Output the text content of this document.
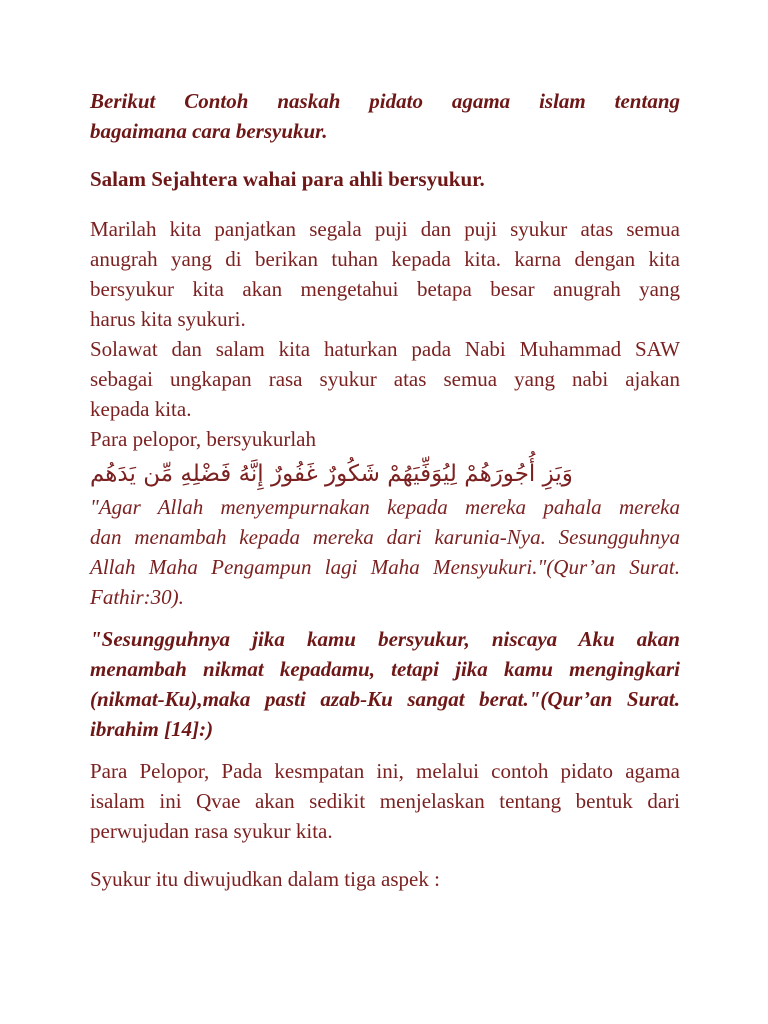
Berikut Contoh naskah pidato agama islam tentang
bagaimana cara bersyukur.

Salam Sejahtera wahai para ahli bersyukur.

Marilah kita panjatkan segala puji dan puji syukur atas semua
anugrah yang di berikan tuhan kepada kita. karna dengan kita
bersyukur kita akan mengetahui betapa besar anugrah yang
harus kita syukuri.

Solawat dan salam kita haturkan pada Nabi Muhammad SAW
sebagai ungkapan rasa syukur atas semua yang nabi ajakan
kepada kita.

Para pelopor, bersyukurlah

يَدَهُم‎ مِّن‎ فَضْلِهِ‎ إِنَّهُ‎ غَفُورٌ‎ شَكُورٌ‎ لِيُوَفِّيَهُمْ‎ أُجُورَهُمْ‎ وَيَزِ

"Agar Allah menyempurnakan kepada mereka pahala mereka
dan menambah kepada mereka dari karunia-Nya. Sesungguhnya
Allah Maha Pengampun lagi Maha Mensyukuri."(Qur’an Surat.
Fathir:30).

"Sesungguhnya jika kamu bersyukur, niscaya Aku akan
menambah nikmat kepadamu, tetapi jika kamu mengingkari
(nikmat-Ku),maka pasti azab-Ku sangat berat."(Qur’an Surat.
ibrahim [14]:)

Para Pelopor, Pada kesmpatan ini, melalui contoh pidato agama
isalam ini Qvae akan sedikit menjelaskan tentang bentuk dari
perwujudan rasa syukur kita.

Syukur itu diwujudkan dalam tiga aspek :
